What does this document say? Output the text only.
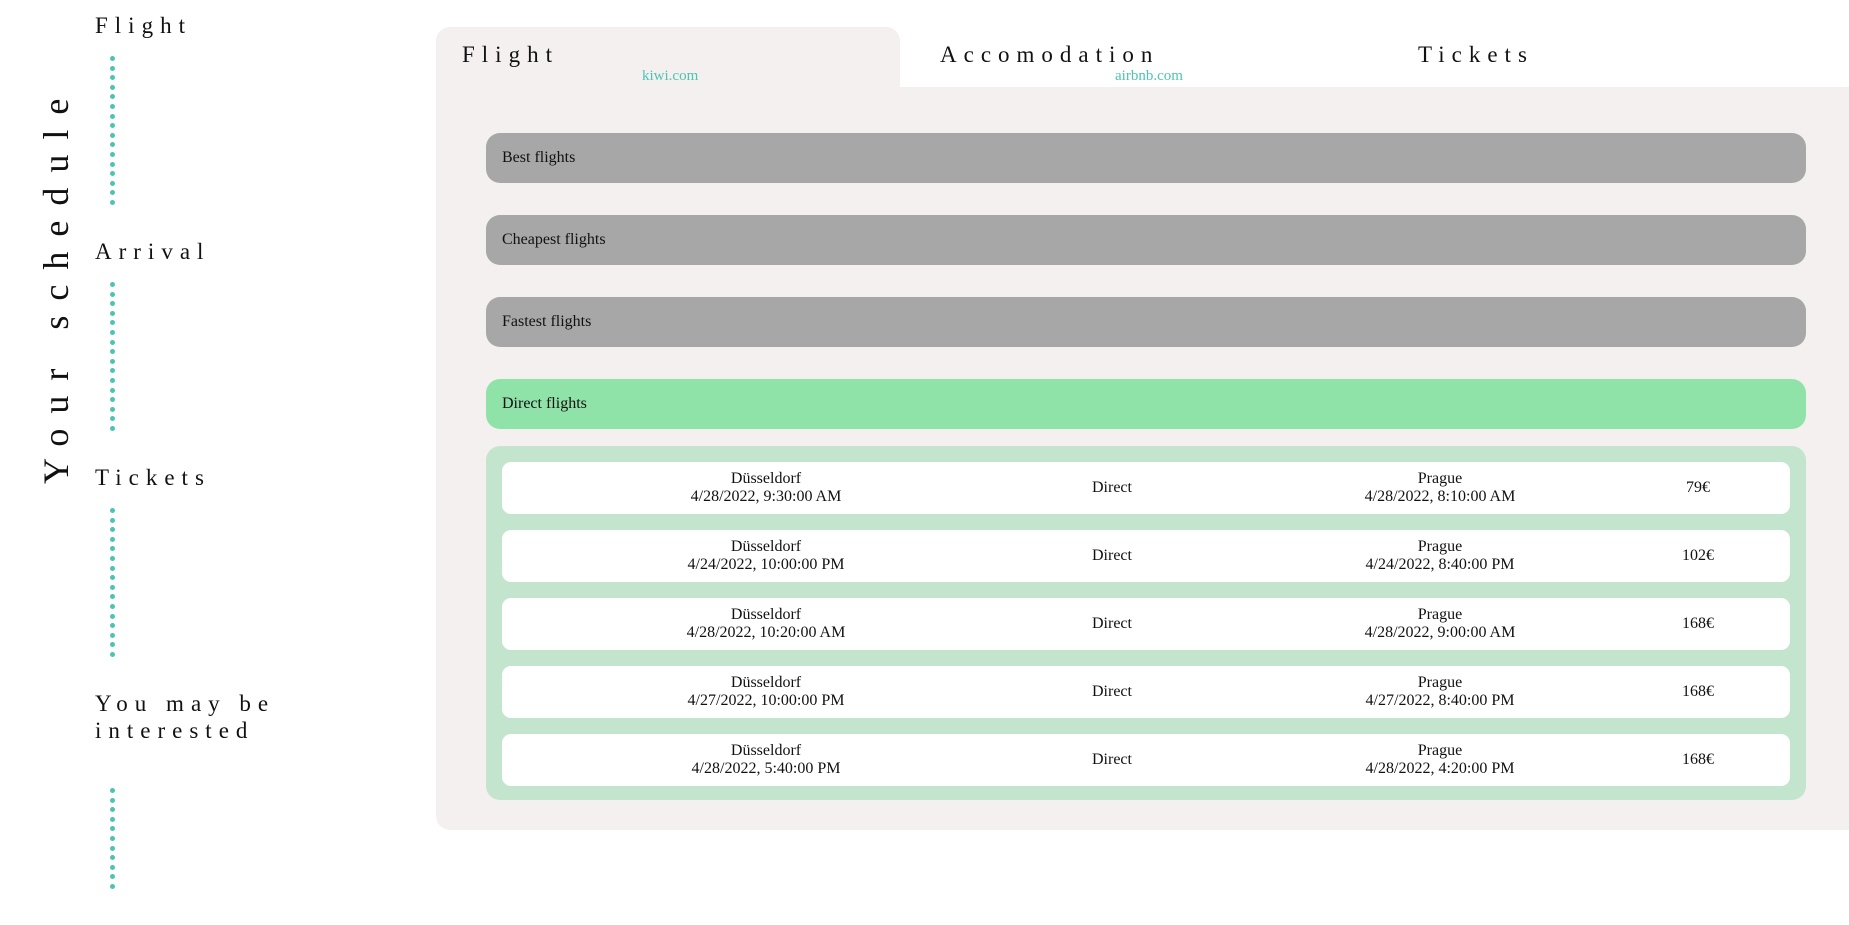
Your schedule
Flight
Arrival
Tickets
You may be interested
Flight
kiwi.com
Accomodation
airbnb.com
Tickets
Best flights
Cheapest flights
Fastest flights
Direct flights
Düsseldorf
4/28/2022, 9:30:00 AM
Direct
Prague
4/28/2022, 8:10:00 AM
79€
Düsseldorf
4/24/2022, 10:00:00 PM
Direct
Prague
4/24/2022, 8:40:00 PM
102€
Düsseldorf
4/28/2022, 10:20:00 AM
Direct
Prague
4/28/2022, 9:00:00 AM
168€
Düsseldorf
4/27/2022, 10:00:00 PM
Direct
Prague
4/27/2022, 8:40:00 PM
168€
Düsseldorf
4/28/2022, 5:40:00 PM
Direct
Prague
4/28/2022, 4:20:00 PM
168€
